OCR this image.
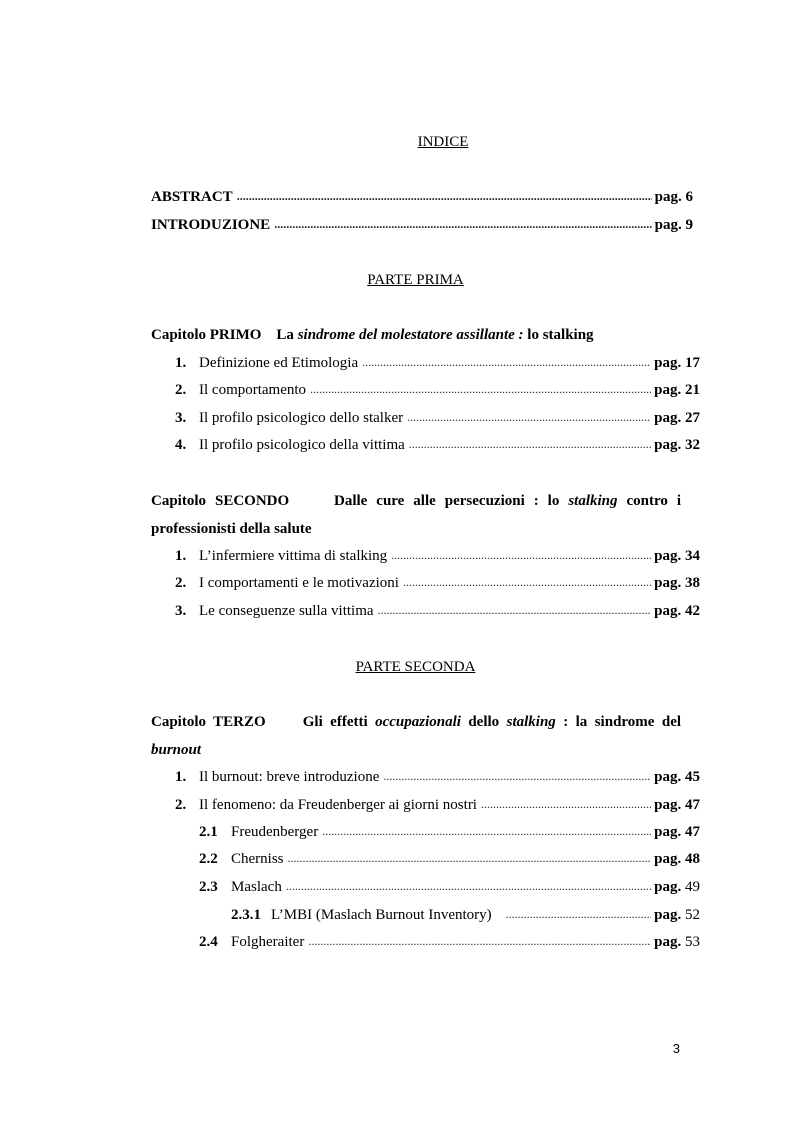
INDICE
ABSTRACT .....	pag. 6
INTRODUZIONE .....	pag. 9
PARTE PRIMA
Capitolo PRIMO La sindrome del molestatore assillante : lo stalking
1. Definizione ed Etimologia .....	pag. 17
2. Il comportamento .....	pag. 21
3. Il profilo psicologico dello stalker .....	pag. 27
4. Il profilo psicologico della vittima .....	pag. 32
Capitolo SECONDO	Dalle cure alle persecuzioni : lo stalking contro i
professionisti della salute
1. L’infermiere vittima di stalking .....	pag. 34
2. I comportamenti e le motivazioni .....	pag. 38
3. Le conseguenze sulla vittima .....	pag. 42
PARTE SECONDA
Capitolo TERZO Gli effetti occupazionali dello stalking : la sindrome del
burnout
1. Il burnout: breve introduzione .....	pag. 45
2. Il fenomeno: da Freudenberger ai giorni nostri .....	pag. 47
2.1 Freudenberger .....	pag. 47
2.2 Cherniss .....	pag. 48
2.3 Maslach .....	pag. 49
2.3.1 L’MBI (Maslach Burnout Inventory) .....	pag. 52
2.4 Folgheraiter .....	pag. 53
3
